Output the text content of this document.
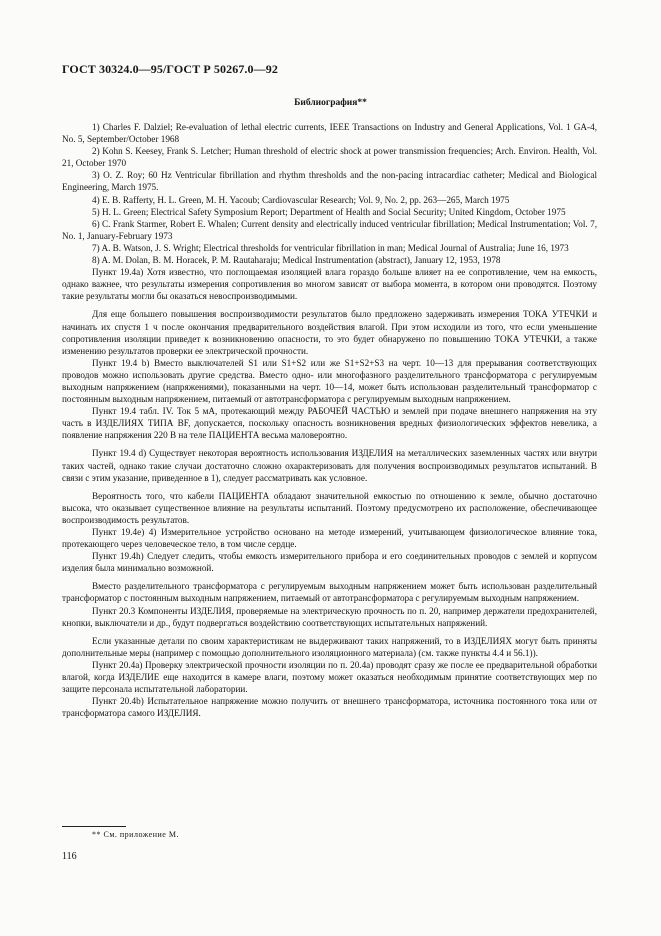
ГОСТ 30324.0—95/ГОСТ Р 50267.0—92
Библиография**

1) Charles F. Dalziel; Re-evaluation of lethal electric currents, IEEE Transactions on Industry and General Applications, Vol. 1 GA-4, No. 5, September/October 1968

2) Kohn S. Keesey, Frank S. Letcher; Human threshold of electric shock at power transmission frequencies; Arch. Environ. Health, Vol. 21, October 1970

3) O. Z. Roy; 60 Hz Ventricular fibrillation and rhythm thresholds and the non-pacing intracardiac catheter; Medical and Biological Engineering, March 1975.

4) E. B. Rafferty, H. L. Green, M. H. Yacoub; Cardiovascular Research; Vol. 9, No. 2, pp. 263—265, March 1975

5) H. L. Green; Electrical Safety Symposium Report; Department of Health and Social Security; United Kingdom, October 1975

6) C. Frank Starmer, Robert E. Whalen; Current density and electrically induced ventricular fibrillation; Medical Instrumentation; Vol. 7, No. 1, January-February 1973

7) A. B. Watson, J. S. Wright; Electrical thresholds for ventricular fibrillation in man; Medical Journal of Australia; June 16, 1973

8) A. M. Dolan, B. M. Horacek, P. M. Rautaharaju; Medical Instrumentation (abstract), January 12, 1953, 1978

Пункт 19.4a) Хотя известно, что поглощаемая изоляцией влага гораздо больше влияет на ее сопротивление, чем на емкость, однако важнее, что результаты измерения сопротивления во многом зависят от выбора момента, в котором они проводятся. Поэтому такие результаты могли бы оказаться невоспроизводимыми.

Для еще большего повышения воспроизводимости результатов было предложено задерживать измерения ТОКА УТЕЧКИ и начинать их спустя 1 ч после окончания предварительного воздействия влагой. При этом исходили из того, что если уменьшение сопротивления изоляции приведет к возникновению опасности, то это будет обнаружено по повышению ТОКА УТЕЧКИ, а также изменению результатов проверки ее электрической прочности.

Пункт 19.4 b) Вместо выключателей S1 или S1+S2 или же S1+S2+S3 на черт. 10—13 для прерывания соответствующих проводов можно использовать другие средства. Вместо одно- или многофазного разделительного трансформатора с регулируемым выходным напряжением (напряжениями), показанными на черт. 10—14, может быть использован разделительный трансформатор с постоянным выходным напряжением, питаемый от автотрансформатора с регулируемым выходным напряжением.

Пункт 19.4 табл. IV. Ток 5 мА, протекающий между РАБОЧЕЙ ЧАСТЬЮ и землей при подаче внешнего напряжения на эту часть в ИЗДЕЛИЯХ ТИПА BF, допускается, поскольку опасность возникновения вредных физиологических эффектов невелика, а появление напряжения 220 В на теле ПАЦИЕНТА весьма маловероятно.

Пункт 19.4 d) Существует некоторая вероятность использования ИЗДЕЛИЯ на металлических заземленных частях или внутри таких частей, однако такие случаи достаточно сложно охарактеризовать для получения воспроизводимых результатов испытаний. В связи с этим указание, приведенное в 1), следует рассматривать как условное.

Вероятность того, что кабели ПАЦИЕНТА обладают значительной емкостью по отношению к земле, обычно достаточно высока, что оказывает существенное влияние на результаты испытаний. Поэтому предусмотрено их расположение, обеспечивающее воспроизводимость результатов.

Пункт 19.4e) 4) Измерительное устройство основано на методе измерений, учитывающем физиологическое влияние тока, протекающего через человеческое тело, в том числе сердце.

Пункт 19.4h) Следует следить, чтобы емкость измерительного прибора и его соединительных проводов с землей и корпусом изделия была минимально возможной.

Вместо разделительного трансформатора с регулируемым выходным напряжением может быть использован разделительный трансформатор с постоянным выходным напряжением, питаемый от автотрансформатора с регулируемым выходным напряжением.

Пункт 20.3 Компоненты ИЗДЕЛИЯ, проверяемые на электрическую прочность по п. 20, например держатели предохранителей, кнопки, выключатели и др., будут подвергаться воздействию соответствующих испытательных напряжений.

Если указанные детали по своим характеристикам не выдерживают таких напряжений, то в ИЗДЕЛИЯХ могут быть приняты дополнительные меры (например с помощью дополнительного изоляционного материала) (см. также пункты 4.4 и 56.1)).

Пункт 20.4a) Проверку электрической прочности изоляции по п. 20.4a) проводят сразу же после ее предварительной обработки влагой, когда ИЗДЕЛИЕ еще находится в камере влаги, поэтому может оказаться необходимым принятие соответствующих мер по защите персонала испытательной лаборатории.

Пункт 20.4b) Испытательное напряжение можно получить от внешнего трансформатора, источника постоянного тока или от трансформатора самого ИЗДЕЛИЯ.

** См. приложение М.
116
